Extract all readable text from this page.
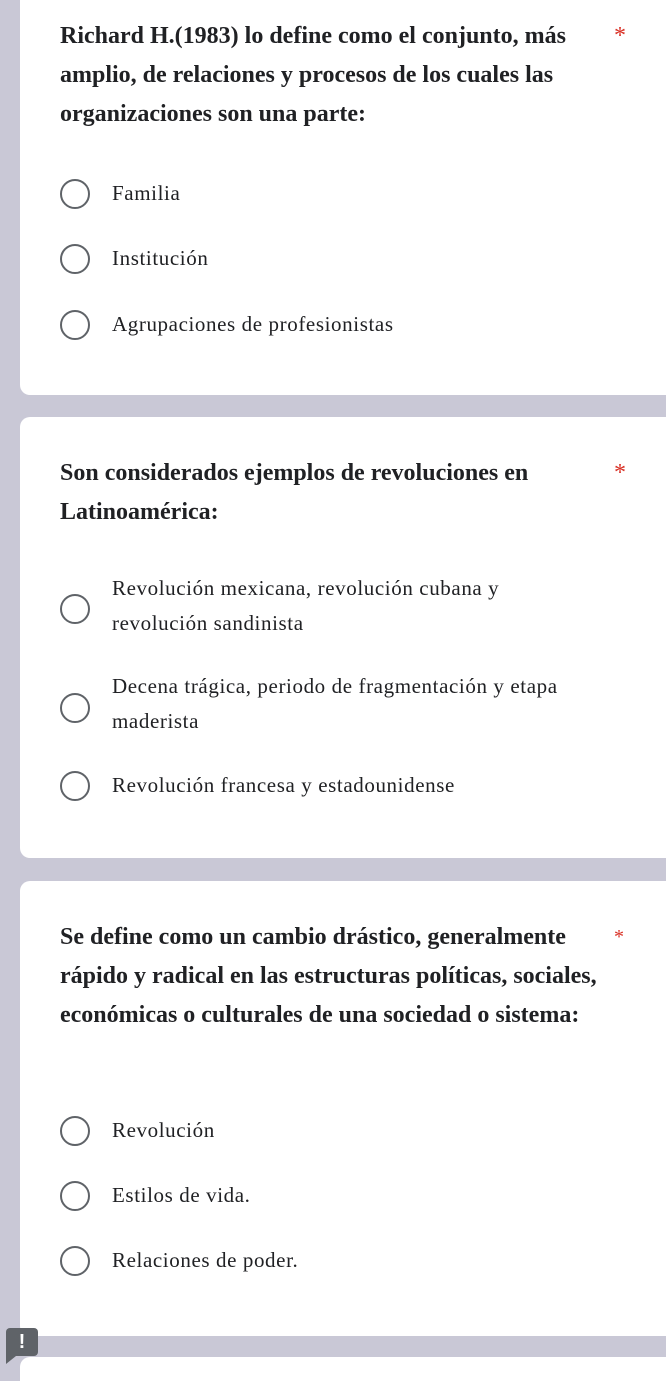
Richard H.(1983) lo define como el conjunto, más amplio, de relaciones y procesos de los cuales las organizaciones son una parte:
*
Familia
Institución
Agrupaciones de profesionistas
Son considerados ejemplos de revoluciones en Latinoamérica:
*
Revolución mexicana, revolución cubana y revolución sandinista
Decena trágica, periodo de fragmentación y etapa maderista
Revolución francesa y estadounidense
Se define como un cambio drástico, generalmente rápido y radical en las estructuras políticas, sociales, económicas o culturales de una sociedad o sistema:
*
Revolución
Estilos de vida.
Relaciones de poder.
!
